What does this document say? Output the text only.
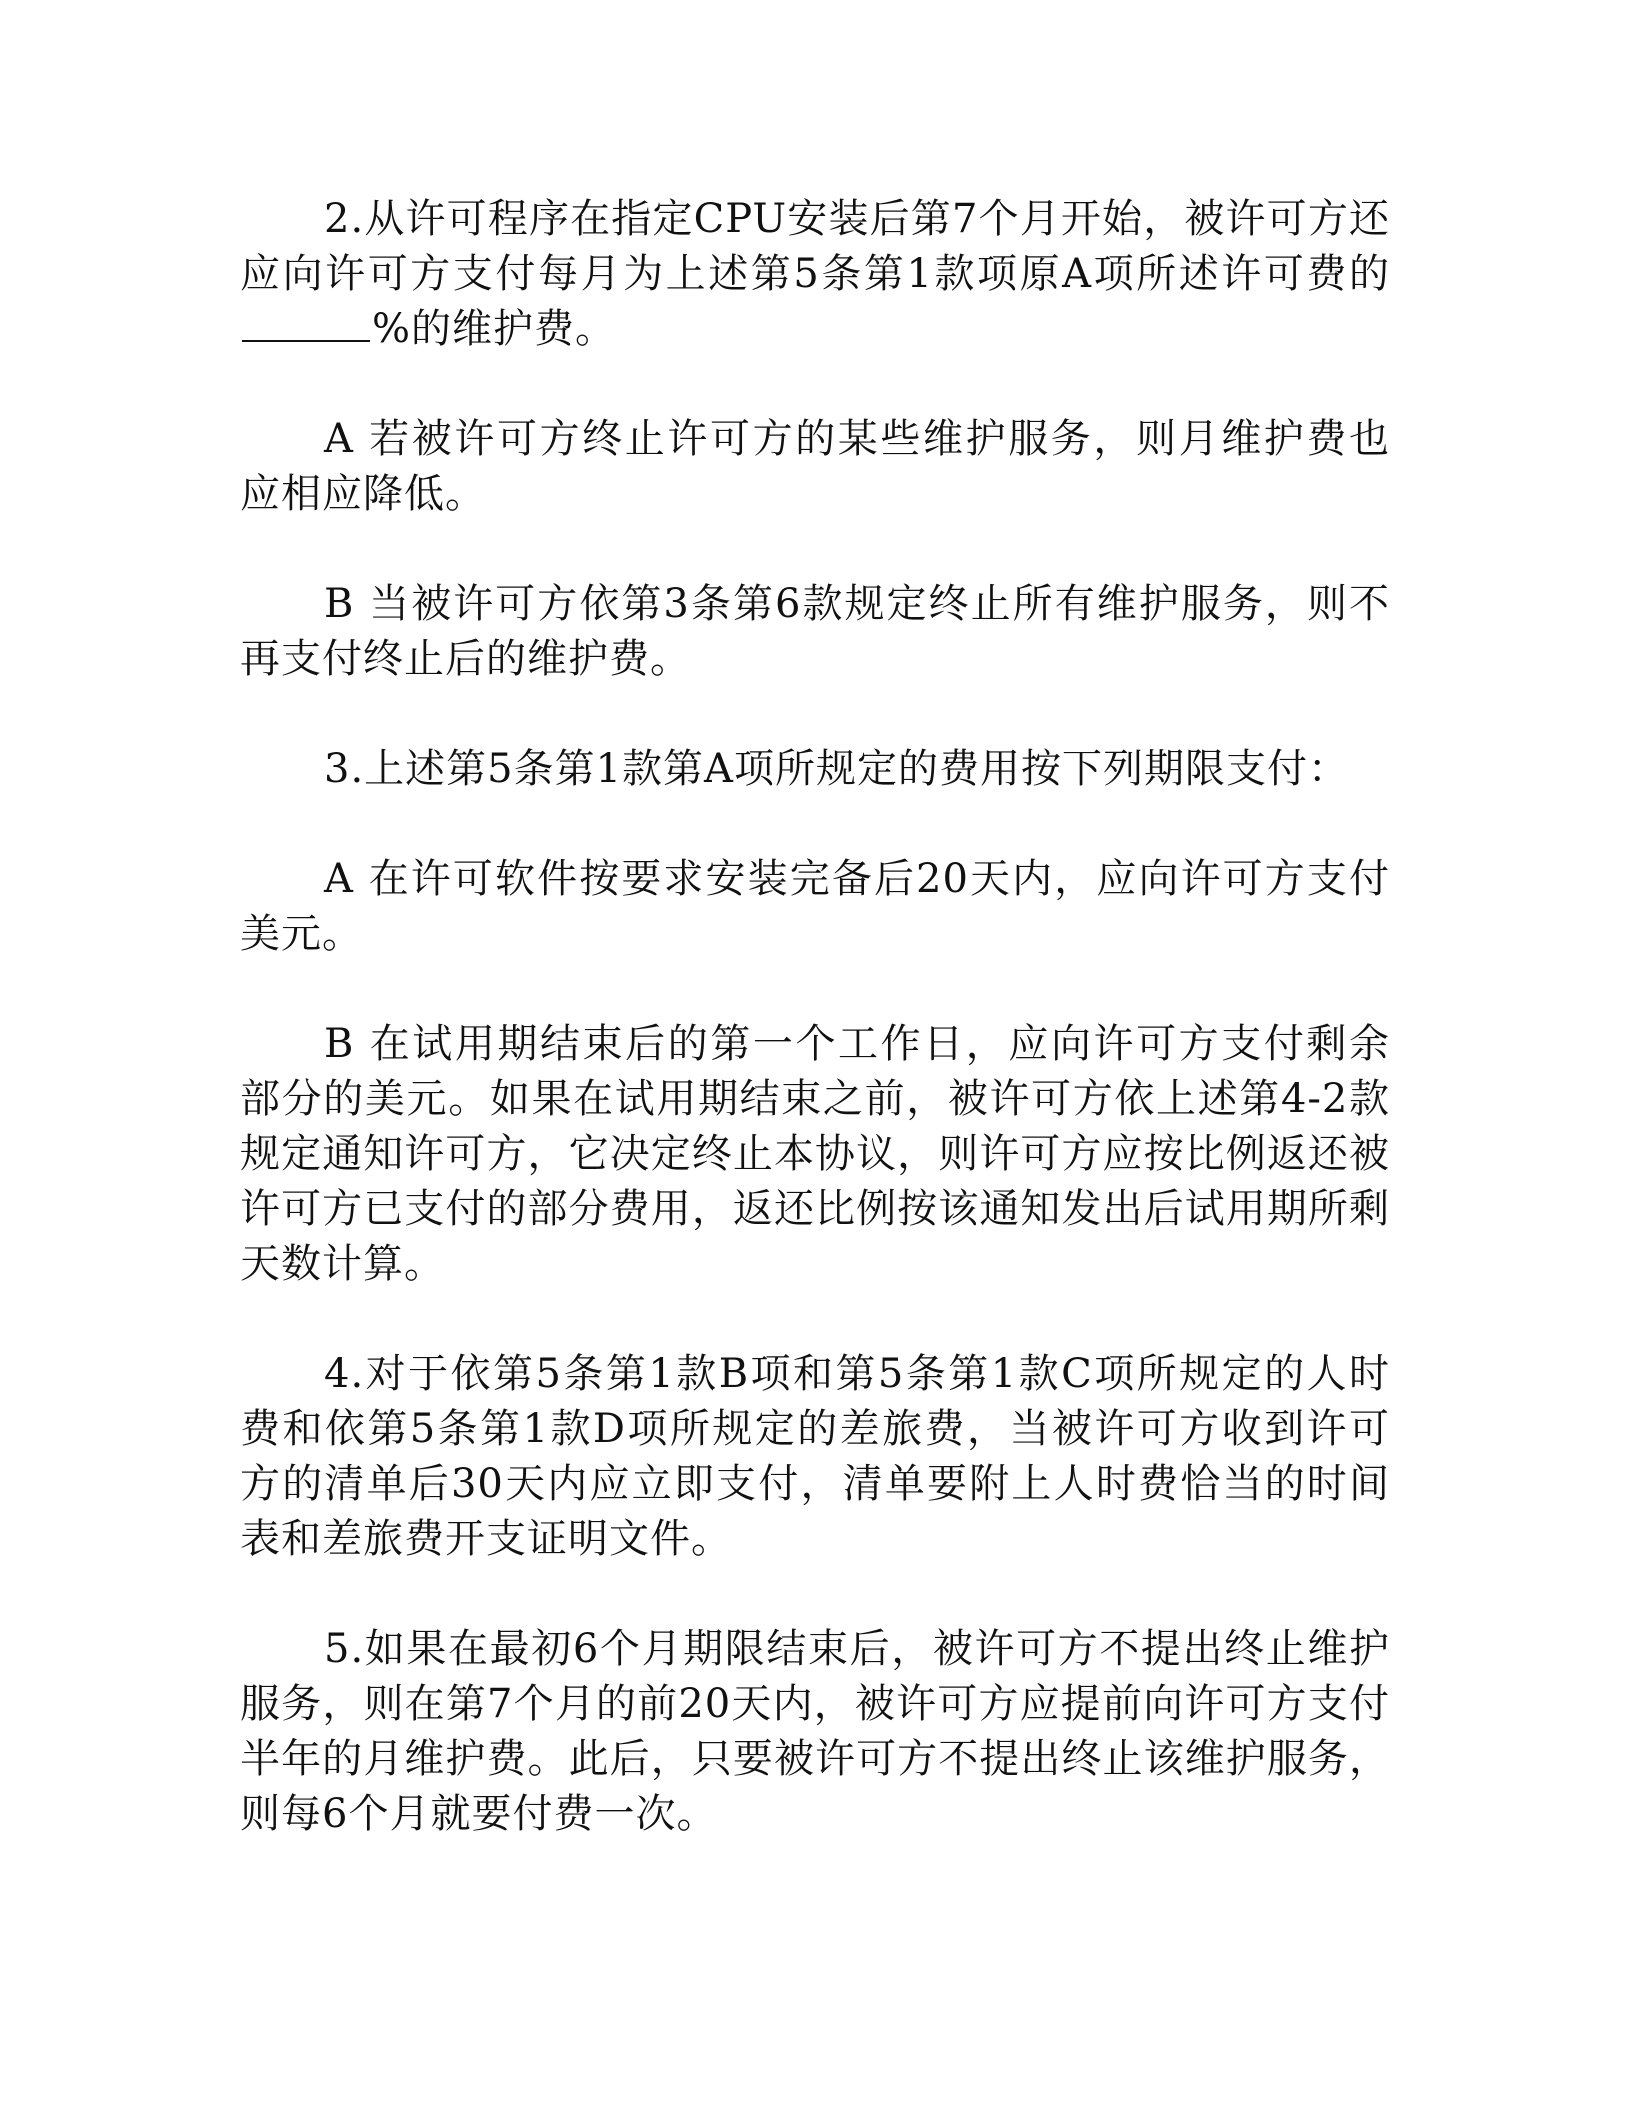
2.从许可程序在指定CPU安装后第7个月开始，被许可方还应向许可方支付每月为上述第5条第1款项原A项所述许可费的%的维护费。

A 若被许可方终止许可方的某些维护服务，则月维护费也应相应降低。

B 当被许可方依第3条第6款规定终止所有维护服务，则不再支付终止后的维护费。

3.上述第5条第1款第A项所规定的费用按下列期限支付：

A 在许可软件按要求安装完备后20天内，应向许可方支付美元。

B 在试用期结束后的第一个工作日，应向许可方支付剩余部分的美元。如果在试用期结束之前，被许可方依上述第4-2款规定通知许可方，它决定终止本协议，则许可方应按比例返还被许可方已支付的部分费用，返还比例按该通知发出后试用期所剩天数计算。

4.对于依第5条第1款B项和第5条第1款C项所规定的人时费和依第5条第1款D项所规定的差旅费，当被许可方收到许可方的清单后30天内应立即支付，清单要附上人时费恰当的时间表和差旅费开支证明文件。

5.如果在最初6个月期限结束后，被许可方不提出终止维护服务，则在第7个月的前20天内，被许可方应提前向许可方支付半年的月维护费。此后，只要被许可方不提出终止该维护服务，则每6个月就要付费一次。
